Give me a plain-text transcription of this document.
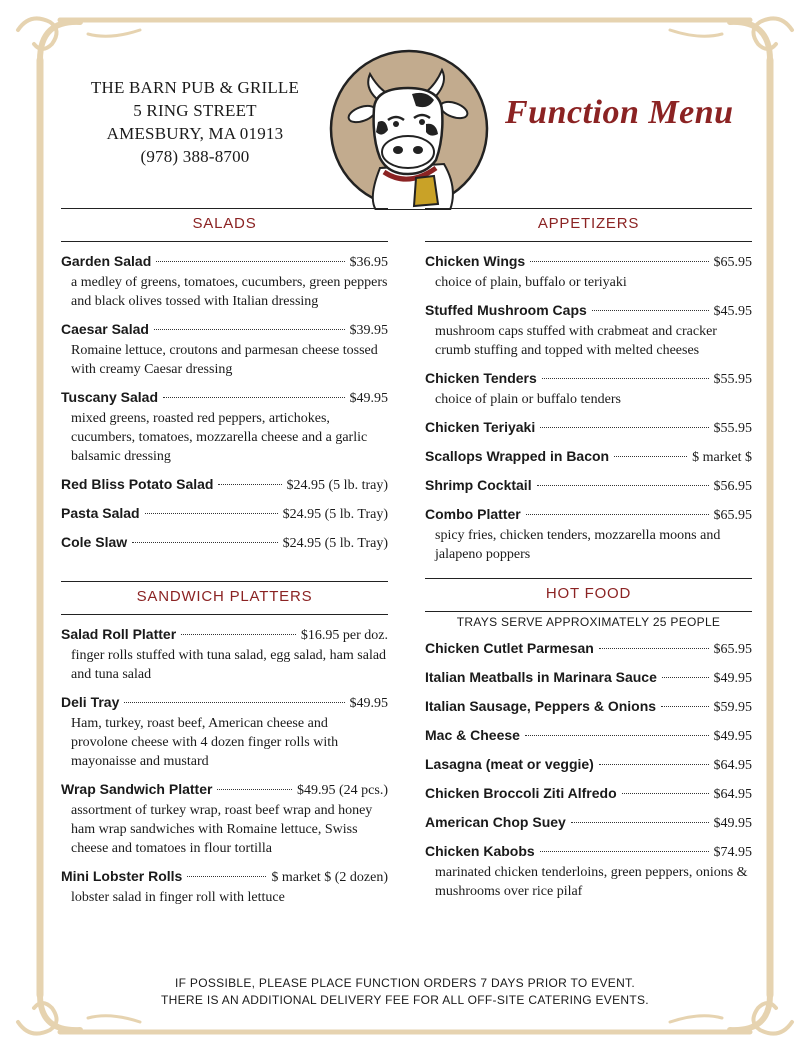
THE BARN PUB & GRILLE
5 RING STREET
AMESBURY, MA 01913
(978) 388-8700
Function Menu
SALADS
Garden Salad	$36.95
a medley of greens, tomatoes, cucumbers, green peppers and black olives tossed with Italian dressing
Caesar Salad	$39.95
Romaine lettuce, croutons and parmesan cheese tossed with creamy Caesar dressing
Tuscany Salad	$49.95
mixed greens, roasted red peppers, artichokes, cucumbers, tomatoes, mozzarella cheese and a garlic balsamic dressing
Red Bliss Potato Salad	$24.95 (5 lb. tray)
Pasta Salad	$24.95 (5 lb. Tray)
Cole Slaw	$24.95 (5 lb. Tray)
SANDWICH PLATTERS
Salad Roll Platter	$16.95 per doz.
finger rolls stuffed with tuna salad, egg salad, ham salad and tuna salad
Deli Tray	$49.95
Ham, turkey, roast beef, American cheese and provolone cheese with 4 dozen finger rolls with mayonaisse and mustard
Wrap Sandwich Platter	$49.95 (24 pcs.)
assortment of turkey wrap, roast beef wrap and honey ham wrap sandwiches with Romaine lettuce, Swiss cheese and tomatoes in flour tortilla
Mini Lobster Rolls	$ market $ (2 dozen)
lobster salad in finger roll with lettuce
APPETIZERS
Chicken Wings	$65.95
choice of plain, buffalo or teriyaki
Stuffed Mushroom Caps	$45.95
mushroom caps stuffed with crabmeat and cracker crumb stuffing and topped with melted cheeses
Chicken Tenders	$55.95
choice of plain or buffalo tenders
Chicken Teriyaki	$55.95
Scallops Wrapped in Bacon	$ market $
Shrimp Cocktail	$56.95
Combo Platter	$65.95
spicy fries, chicken tenders, mozzarella moons and jalapeno poppers
HOT FOOD
TRAYS SERVE APPROXIMATELY 25 PEOPLE
Chicken Cutlet Parmesan	$65.95
Italian Meatballs in Marinara Sauce	$49.95
Italian Sausage, Peppers & Onions	$59.95
Mac & Cheese	$49.95
Lasagna (meat or veggie)	$64.95
Chicken Broccoli Ziti Alfredo	$64.95
American Chop Suey	$49.95
Chicken Kabobs	$74.95
marinated chicken tenderloins, green peppers, onions & mushrooms over rice pilaf
IF POSSIBLE, PLEASE PLACE FUNCTION ORDERS 7 DAYS PRIOR TO EVENT.
THERE IS AN ADDITIONAL DELIVERY FEE FOR ALL OFF-SITE CATERING EVENTS.
